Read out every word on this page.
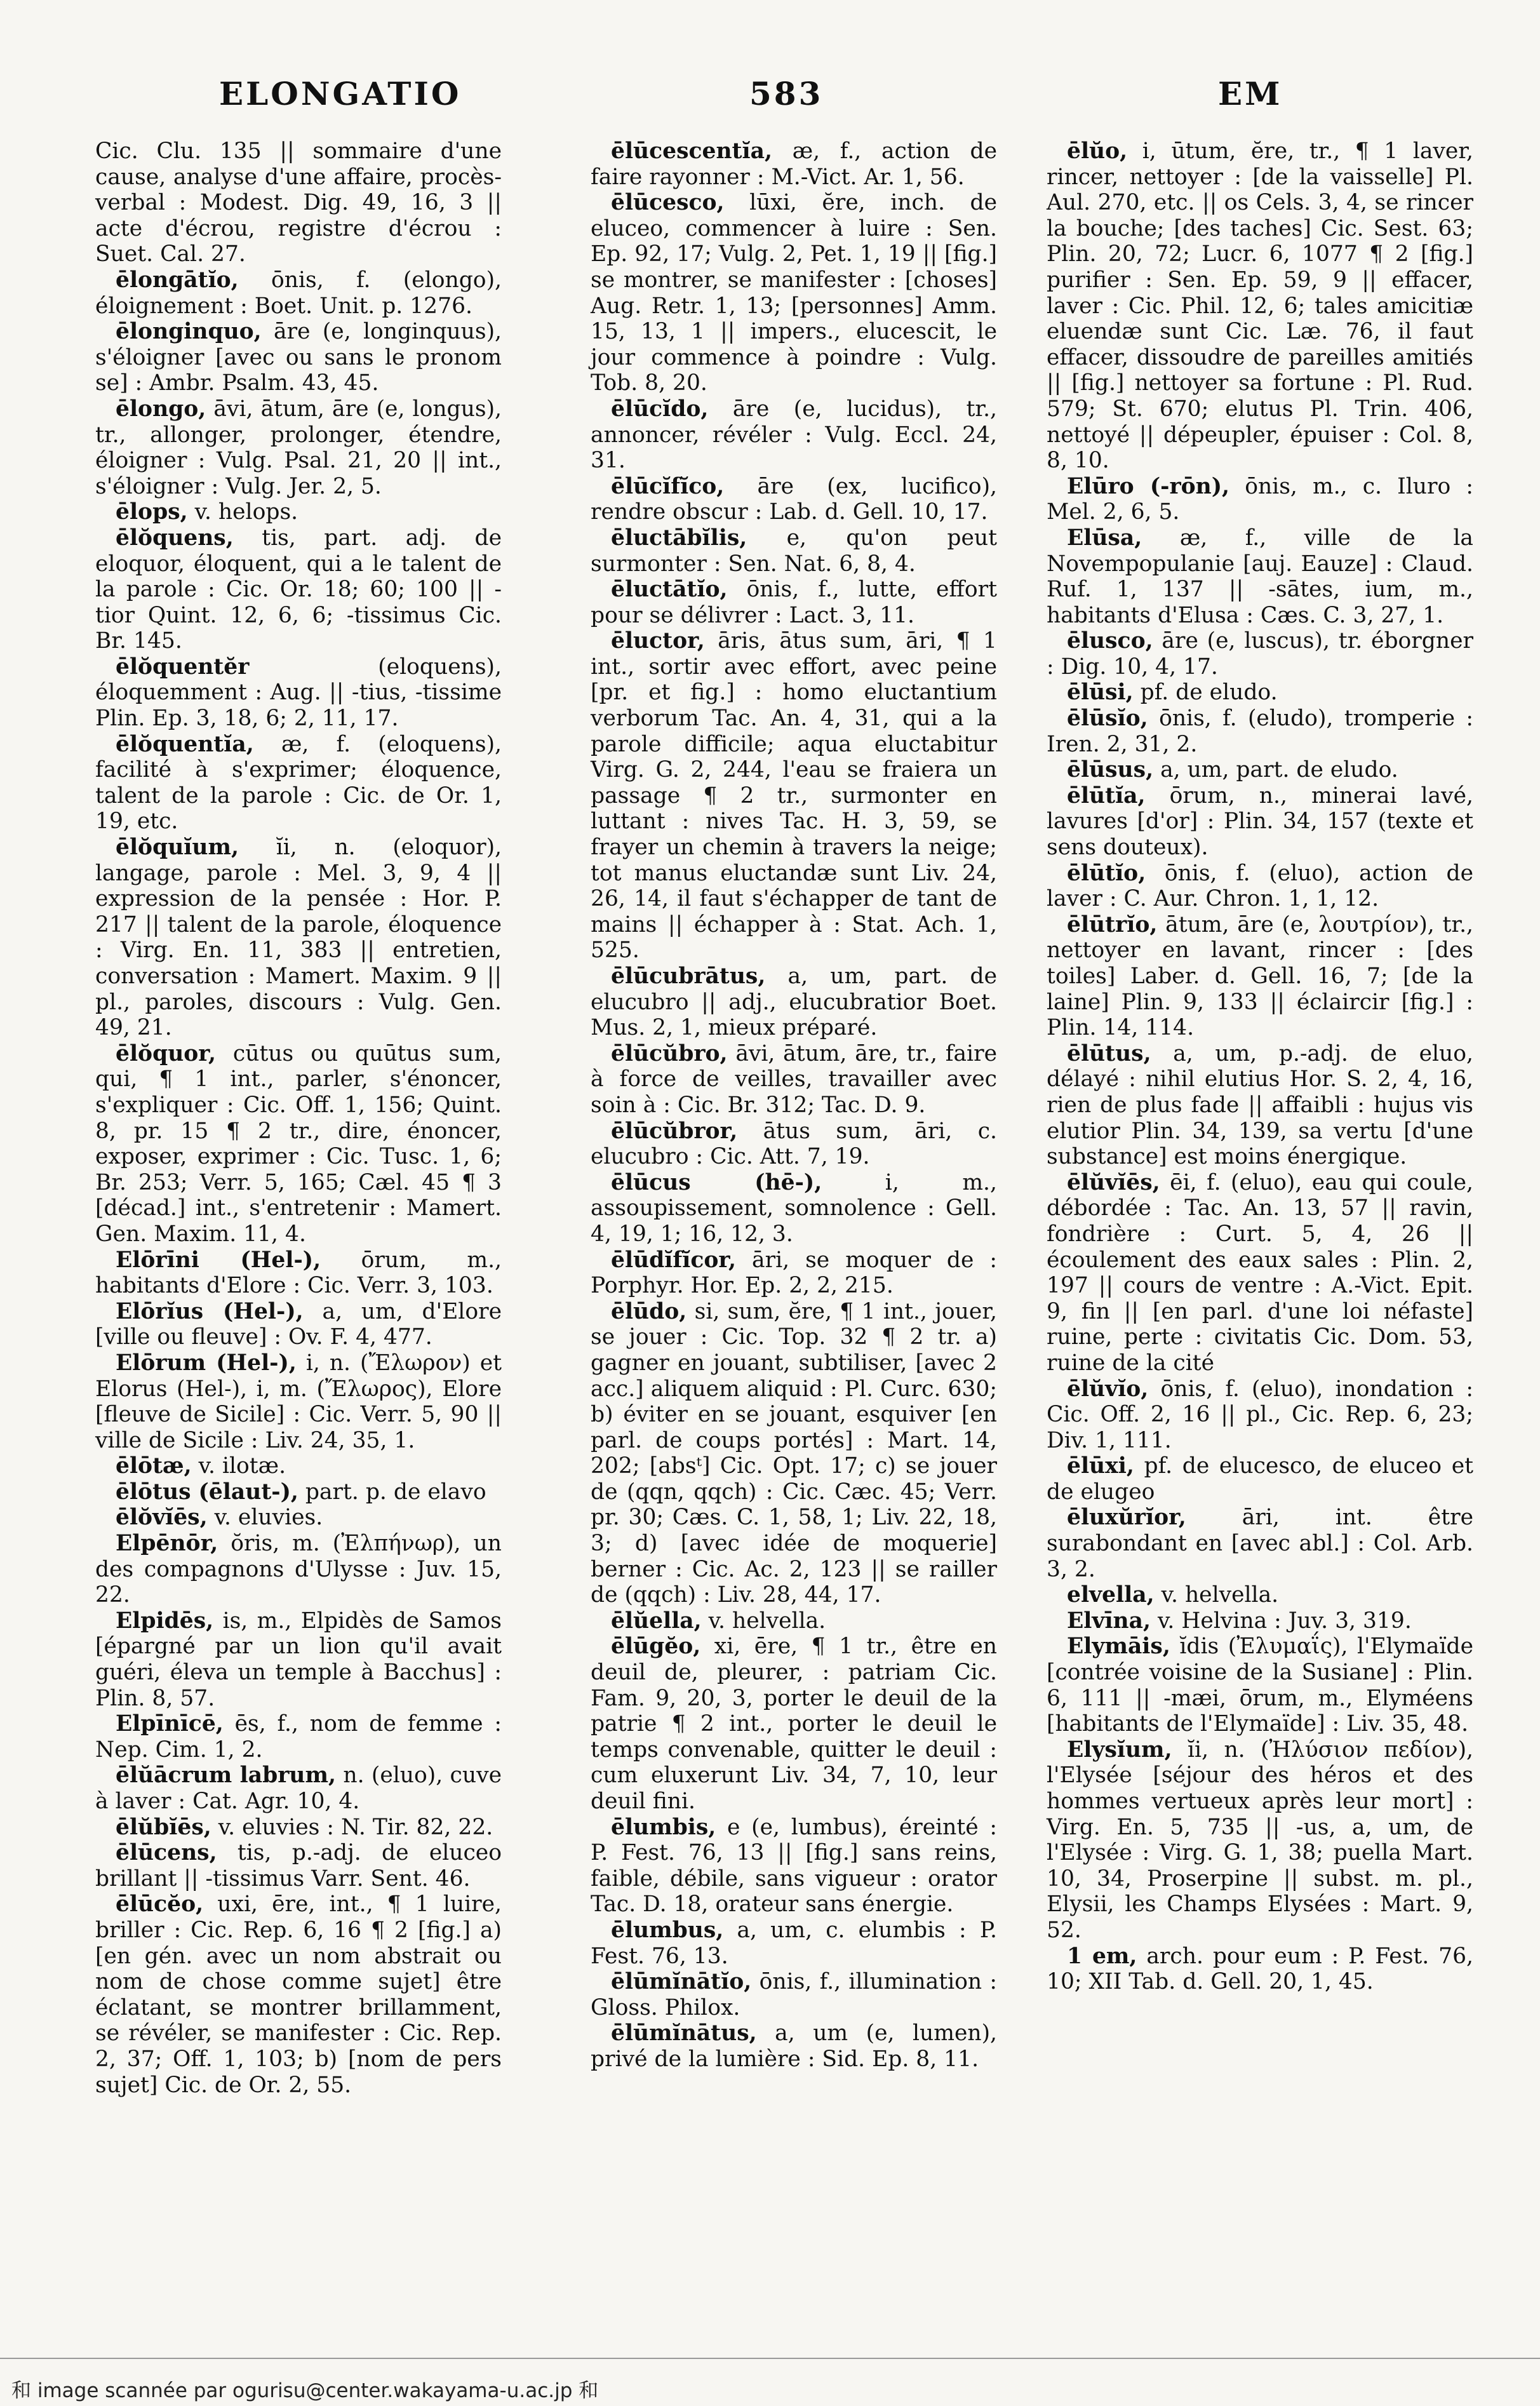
ELONGATIO	583	EM

Cic. Clu. 135 || sommaire d'une cause, analyse d'une affaire, procès-verbal : Modest. Dig. 49, 16, 3 || acte d'écrou, registre d'écrou : Suet. Cal. 27.

ēlongātĭo, ōnis, f. (elongo), éloignement : Boet. Unit. p. 1276.

ēlonginquo, āre (e, longinquus), s'éloigner [avec ou sans le pronom se] : Ambr. Psalm. 43, 45.

ēlongo, āvi, ātum, āre (e, longus), tr., allonger, prolonger, étendre, éloigner : Vulg. Psal. 21, 20 || int., s'éloigner : Vulg. Jer. 2, 5.

ēlops, v. helops.

ēlŏquens, tis, part. adj. de eloquor, éloquent, qui a le talent de la parole : Cic. Or. 18; 60; 100 || -tior Quint. 12, 6, 6; -tissimus Cic. Br. 145.

ēlŏquentĕr	(eloquens), éloquemment : Aug. || -tius, -tissime Plin. Ep. 3, 18, 6; 2, 11, 17.

ēlŏquentĭa, æ, f. (eloquens), facilité à s'exprimer; éloquence, talent de la parole : Cic. de Or. 1, 19, etc.

ēlŏquĭum, ĭi, n. (eloquor), langage, parole : Mel. 3, 9, 4 || expression de la pensée : Hor. P. 217 || talent de la parole, éloquence : Virg. En. 11, 383 || entretien, conversation : Mamert. Maxim. 9 || pl., paroles, discours : Vulg. Gen. 49, 21.

ēlŏquor, cūtus ou quūtus sum, qui, ¶ 1 int., parler, s'énoncer, s'expliquer : Cic. Off. 1, 156; Quint. 8, pr. 15 ¶ 2 tr., dire, énoncer, exposer, exprimer : Cic. Tusc. 1, 6; Br. 253; Verr. 5, 165; Cæl. 45 ¶ 3 [décad.] int., s'entretenir : Mamert. Gen. Maxim. 11, 4.

Elōrīni (Hel-), ōrum, m., habitants d'Elore : Cic. Verr. 3, 103.

Elōrĭus (Hel-), a, um, d'Elore [ville ou fleuve] : Ov. F. 4, 477.

Elōrum (Hel-), i, n. (Ἔλωρον) et Elorus (Hel-), i, m. (Ἔλωρος), Elore [fleuve de Sicile] : Cic. Verr. 5, 90 || ville de Sicile : Liv. 24, 35, 1.

ēlōtæ, v. ilotæ.

ēlōtus (ēlaut-), part. p. de elavo

ēlŏvĭēs, v. eluvies.

Elpēnōr, ŏris, m. (Ἐλπήνωρ), un des compagnons d'Ulysse : Juv. 15, 22.

Elpidēs, is, m., Elpidès de Samos [épargné par un lion qu'il avait guéri, éleva un temple à Bacchus] : Plin. 8, 57.

Elpīnīcē, ēs, f., nom de femme : Nep. Cim. 1, 2.

ēlŭācrum labrum, n. (eluo), cuve à laver : Cat. Agr. 10, 4.

ēlŭbĭēs, v. eluvies : N. Tir. 82, 22.

ēlūcens, tis, p.-adj. de eluceo brillant || -tissimus Varr. Sent. 46.

ēlūcĕo, uxi, ēre, int., ¶ 1 luire, briller : Cic. Rep. 6, 16 ¶ 2 [fig.] a) [en gén. avec un nom abstrait ou nom de chose comme sujet] être éclatant, se montrer brillamment, se révéler, se manifester : Cic. Rep. 2, 37; Off. 1, 103; b) [nom de pers sujet] Cic. de Or. 2, 55.

ēlūcescentĭa, æ, f., action de faire rayonner : M.-Vict. Ar. 1, 56.

ēlūcesco, lūxi, ĕre, inch. de eluceo, commencer à luire : Sen. Ep. 92, 17; Vulg. 2, Pet. 1, 19 || [fig.] se montrer, se manifester : [choses] Aug. Retr. 1, 13; [personnes] Amm. 15, 13, 1 || impers., elucescit, le jour commence à poindre : Vulg. Tob. 8, 20.

ēlūcĭdo, āre (e, lucidus), tr., annoncer, révéler : Vulg. Eccl. 24, 31.

ēlūcĭfĭco, āre (ex, lucifico), rendre obscur : Lab. d. Gell. 10, 17.

ēluctābĭlis, e, qu'on peut surmonter : Sen. Nat. 6, 8, 4.

ēluctātĭo, ōnis, f., lutte, effort pour se délivrer : Lact. 3, 11.

ēluctor, āris, ātus sum, āri, ¶ 1 int., sortir avec effort, avec peine [pr. et fig.] : homo eluctantium verborum Tac. An. 4, 31, qui a la parole difficile; aqua eluctabitur Virg. G. 2, 244, l'eau se fraiera un passage ¶ 2 tr., surmonter en luttant : nives Tac. H. 3, 59, se frayer un chemin à travers la neige; tot manus eluctandæ sunt Liv. 24, 26, 14, il faut s'échapper de tant de mains || échapper à : Stat. Ach. 1, 525.

ēlūcubrātus, a, um, part. de elucubro || adj., elucubratior Boet. Mus. 2, 1, mieux préparé.

ēlūcŭbro, āvi, ātum, āre, tr., faire à force de veilles, travailler avec soin à : Cic. Br. 312; Tac. D. 9.

ēlūcŭbror, ātus sum, āri, c. elucubro : Cic. Att. 7, 19.

ēlūcus (hē-),	i, m., assoupissement, somnolence : Gell. 4, 19, 1; 16, 12, 3.

ēlūdĭfĭcor, āri, se moquer de : Porphyr. Hor. Ep. 2, 2, 215.

ēlūdo, si, sum, ĕre, ¶ 1 int., jouer, se jouer : Cic. Top. 32 ¶ 2 tr. a) gagner en jouant, subtiliser, [avec 2 acc.] aliquem aliquid : Pl. Curc. 630; b) éviter en se jouant, esquiver [en parl. de coups portés] : Mart. 14, 202; [absᵗ] Cic. Opt. 17; c) se jouer de (qqn, qqch) : Cic. Cæc. 45; Verr. pr. 30; Cæs. C. 1, 58, 1; Liv. 22, 18, 3; d) [avec idée de moquerie] berner : Cic. Ac. 2, 123 || se railler de (qqch) : Liv. 28, 44, 17.

ēlŭella, v. helvella.

ēlūgĕo, xi, ēre, ¶ 1 tr., être en deuil de, pleurer, : patriam Cic. Fam. 9, 20, 3, porter le deuil de la patrie ¶ 2 int., porter le deuil le temps convenable, quitter le deuil : cum eluxerunt Liv. 34, 7, 10, leur deuil fini.

ēlumbis, e (e, lumbus), éreinté : P. Fest. 76, 13 || [fig.] sans reins, faible, débile, sans vigueur : orator Tac. D. 18, orateur sans énergie.

ēlumbus, a, um, c. elumbis : P. Fest. 76, 13.

ēlūmĭnātĭo, ōnis, f., illumination : Gloss. Philox.

ēlūmĭnātus, a, um (e, lumen), privé de la lumière : Sid. Ep. 8, 11.

ēlŭo, i, ūtum, ĕre, tr., ¶ 1 laver, rincer, nettoyer : [de la vaisselle] Pl. Aul. 270, etc. || os Cels. 3, 4, se rincer la bouche; [des taches] Cic. Sest. 63; Plin. 20, 72; Lucr. 6, 1077 ¶ 2 [fig.] purifier : Sen. Ep. 59, 9 || effacer, laver : Cic. Phil. 12, 6; tales amicitiæ eluendæ sunt Cic. Læ. 76, il faut effacer, dissoudre de pareilles amitiés || [fig.] nettoyer sa fortune : Pl. Rud. 579; St. 670; elutus Pl. Trin. 406, nettoyé || dépeupler, épuiser : Col. 8, 8, 10.

Elūro (-rōn), ōnis, m., c. Iluro : Mel. 2, 6, 5.

Elūsa, æ, f., ville de la Novempopulanie [auj. Eauze] : Claud. Ruf. 1, 137 || -sātes, ium, m., habitants d'Elusa : Cæs. C. 3, 27, 1.

ēlusco, āre (e, luscus), tr. éborgner : Dig. 10, 4, 17.

ēlūsi, pf. de eludo.

ēlūsĭo, ōnis, f. (eludo), tromperie : Iren. 2, 31, 2.

ēlūsus, a, um, part. de eludo.

ēlūtĭa, ōrum, n., minerai lavé, lavures [d'or] : Plin. 34, 157 (texte et sens douteux).

ēlūtĭo, ōnis, f. (eluo), action de laver : C. Aur. Chron. 1, 1, 12.

ēlūtrĭo, ātum, āre (e, λουτρίον), tr., nettoyer en lavant, rincer : [des toiles] Laber. d. Gell. 16, 7; [de la laine] Plin. 9, 133 || éclaircir [fig.] : Plin. 14, 114.

ēlūtus, a, um, p.-adj. de eluo, délayé : nihil elutius Hor. S. 2, 4, 16, rien de plus fade || affaibli : hujus vis elutior Plin. 34, 139, sa vertu [d'une substance] est moins énergique.

ēlŭvĭēs, ēi, f. (eluo), eau qui coule, débordée : Tac. An. 13, 57 || ravin, fondrière : Curt. 5, 4, 26 || écoulement des eaux sales : Plin. 2, 197 || cours de ventre : A.-Vict. Epit. 9, fin || [en parl. d'une loi néfaste] ruine, perte : civitatis Cic. Dom. 53, ruine de la cité

ēlŭvĭo, ōnis, f. (eluo), inondation : Cic. Off. 2, 16 || pl., Cic. Rep. 6, 23; Div. 1, 111.

ēlūxi, pf. de elucesco, de eluceo et de elugeo

ēluxŭrĭor,	āri, int. être surabondant en [avec abl.] : Col. Arb. 3, 2.

elvella, v. helvella.

Elvīna, v. Helvina : Juv. 3, 319.

Elymāis, ĭdis (Ἐλυμαΐς), l'Elymaïde [contrée voisine de la Susiane] : Plin. 6, 111 || -mæi, ōrum, m., Elyméens [habitants de l'Elymaïde] : Liv. 35, 48.

Elysĭum, ĭi, n. (Ἠλύσιον πεδίον), l'Elysée [séjour des héros et des hommes vertueux après leur mort] : Virg. En. 5, 735 || -us, a, um, de l'Elysée : Virg. G. 1, 38; puella Mart. 10, 34, Proserpine || subst. m. pl., Elysii, les Champs Elysées : Mart. 9, 52.

1 em, arch. pour eum : P. Fest. 76, 10; XII Tab. d. Gell. 20, 1, 45.

和 image scannée par ogurisu@center.wakayama-u.ac.jp 和
